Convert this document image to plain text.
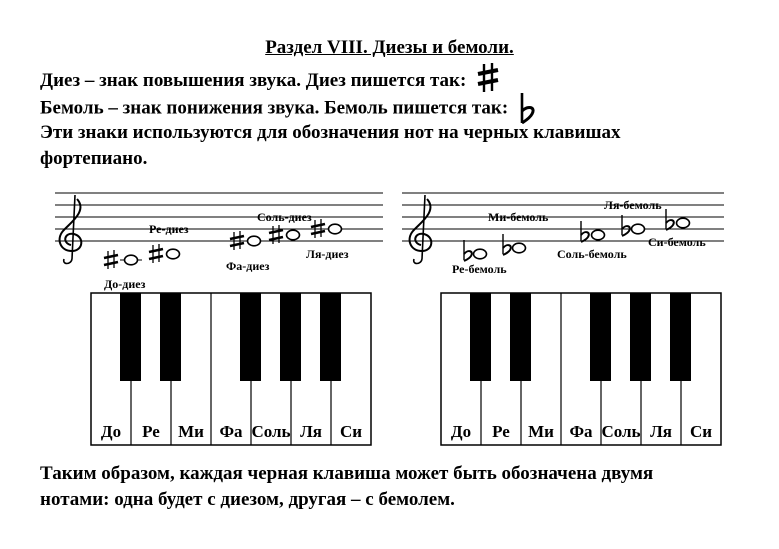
Раздел VIII. Диезы и бемоли.
Диез – знак повышения звука. Диез пишется так:
Бемоль – знак понижения звука. Бемоль пишется так:
Эти знаки используются для обозначения нот на черных клавишах
фортепиано.
До-диез
Ре-диез
Фа-диез
Соль-диез
Ля-диез
Ре-бемоль
Ми-бемоль
Соль-бемоль
Ля-бемоль
Си-бемоль
До Ре Ми Фа Соль Ля Си	До Ре Ми Фа Соль Ля Си
Таким образом, каждая черная клавиша может быть обозначена двумя
нотами: одна будет с диезом, другая – с бемолем.
